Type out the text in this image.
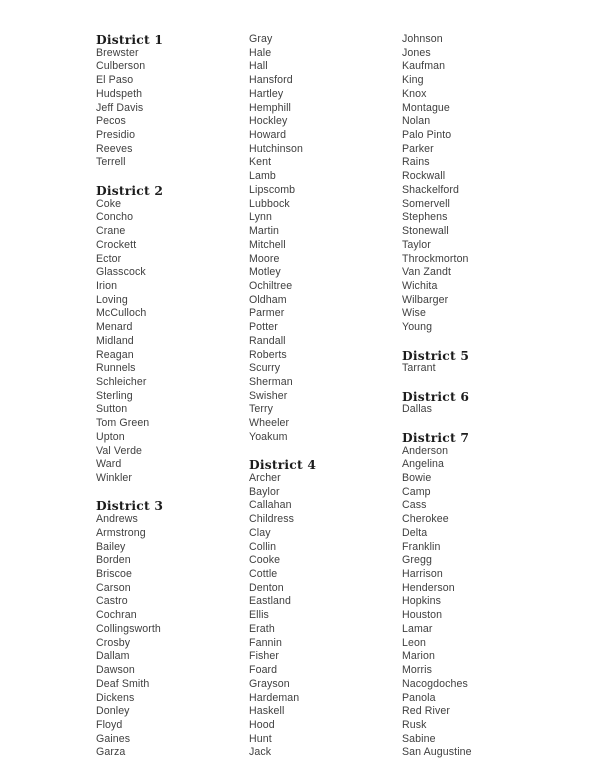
District 1
Brewster
Culberson
El Paso
Hudspeth
Jeff Davis
Pecos
Presidio
Reeves
Terrell
District 2
Coke
Concho
Crane
Crockett
Ector
Glasscock
Irion
Loving
McCulloch
Menard
Midland
Reagan
Runnels
Schleicher
Sterling
Sutton
Tom Green
Upton
Val Verde
Ward
Winkler
District 3
Andrews
Armstrong
Bailey
Borden
Briscoe
Carson
Castro
Cochran
Collingsworth
Crosby
Dallam
Dawson
Deaf Smith
Dickens
Donley
Floyd
Gaines
Garza
Gray
Hale
Hall
Hansford
Hartley
Hemphill
Hockley
Howard
Hutchinson
Kent
Lamb
Lipscomb
Lubbock
Lynn
Martin
Mitchell
Moore
Motley
Ochiltree
Oldham
Parmer
Potter
Randall
Roberts
Scurry
Sherman
Swisher
Terry
Wheeler
Yoakum
District 4
Archer
Baylor
Callahan
Childress
Clay
Collin
Cooke
Cottle
Denton
Eastland
Ellis
Erath
Fannin
Fisher
Foard
Grayson
Hardeman
Haskell
Hood
Hunt
Jack
Johnson
Jones
Kaufman
King
Knox
Montague
Nolan
Palo Pinto
Parker
Rains
Rockwall
Shackelford
Somervell
Stephens
Stonewall
Taylor
Throckmorton
Van Zandt
Wichita
Wilbarger
Wise
Young
District 5
Tarrant
District 6
Dallas
District 7
Anderson
Angelina
Bowie
Camp
Cass
Cherokee
Delta
Franklin
Gregg
Harrison
Henderson
Hopkins
Houston
Lamar
Leon
Marion
Morris
Nacogdoches
Panola
Red River
Rusk
Sabine
San Augustine
